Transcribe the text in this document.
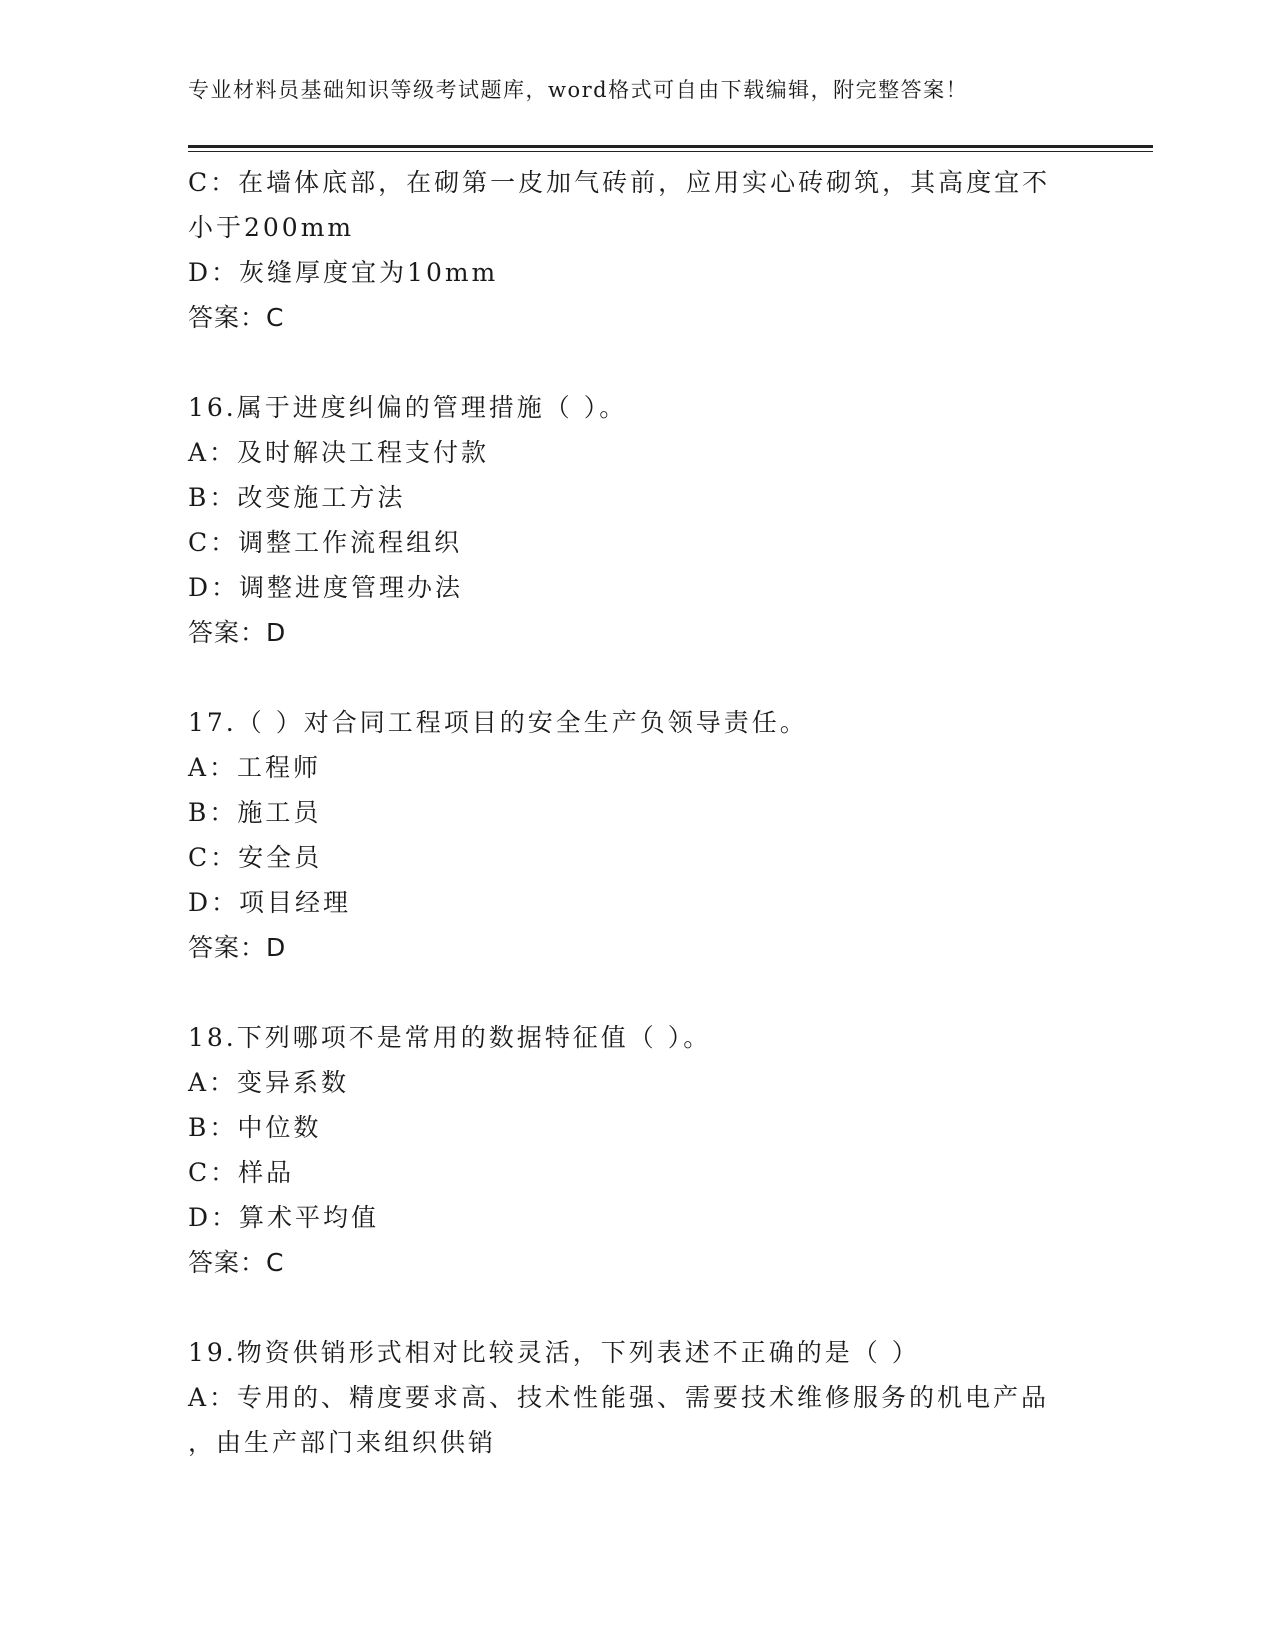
专业材料员基础知识等级考试题库，word格式可自由下载编辑，附完整答案！
C：在墙体底部，在砌第一皮加气砖前，应用实心砖砌筑，其高度宜不
小于200mm
D：灰缝厚度宜为10mm
答案：C
16.属于进度纠偏的管理措施（ ）。
A：及时解决工程支付款
B：改变施工方法
C：调整工作流程组织
D：调整进度管理办法
答案：D
17.（ ）对合同工程项目的安全生产负领导责任。
A：工程师
B：施工员
C：安全员
D：项目经理
答案：D
18.下列哪项不是常用的数据特征值（ ）。
A：变异系数
B：中位数
C：样品
D：算术平均值
答案：C
19.物资供销形式相对比较灵活，下列表述不正确的是（ ）
A：专用的、精度要求高、技术性能强、需要技术维修服务的机电产品
，由生产部门来组织供销
